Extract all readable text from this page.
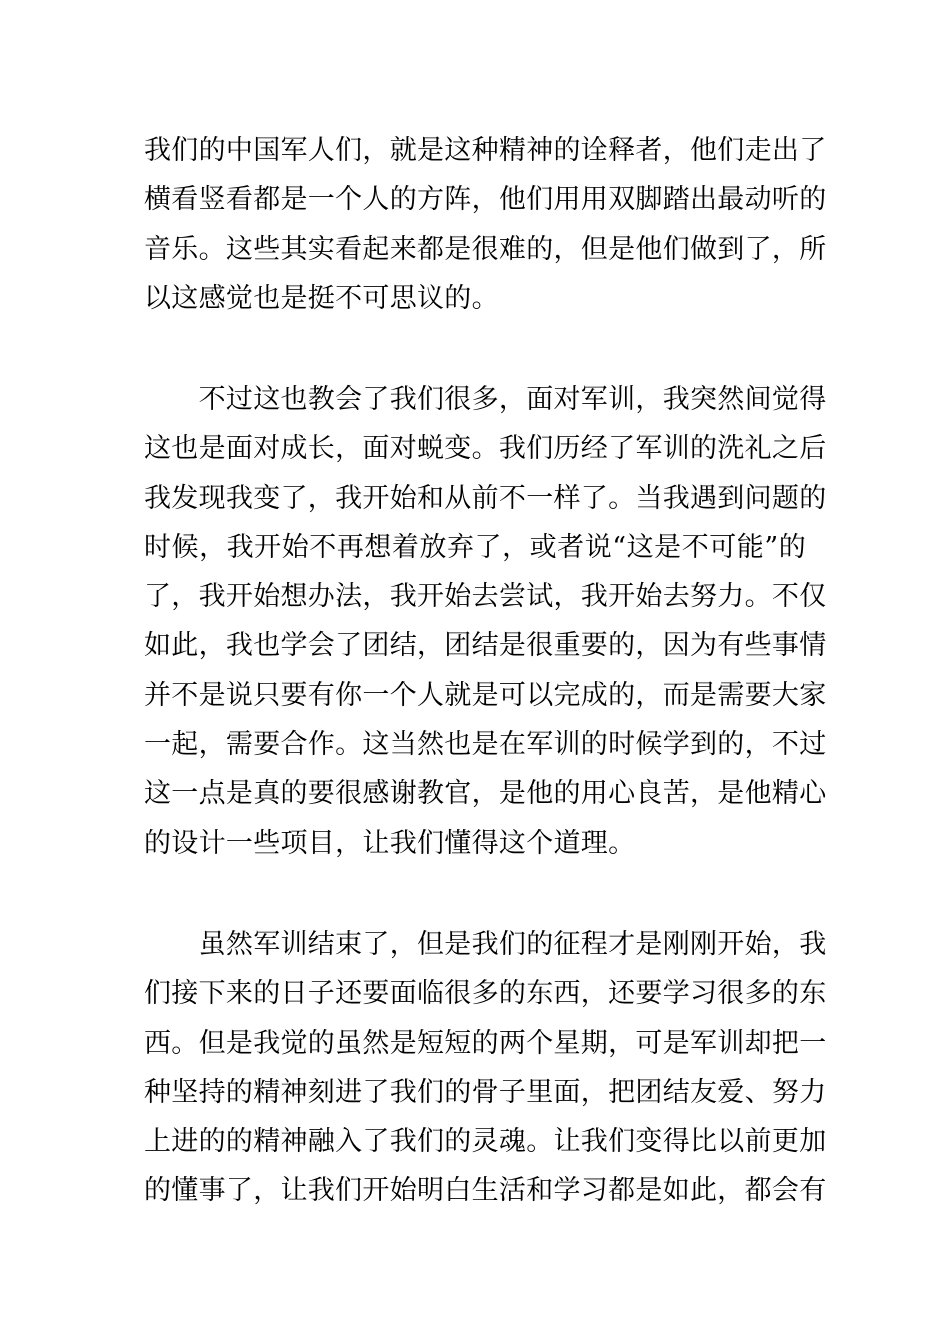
我们的中国军人们，就是这种精神的诠释者，他们走出了
横看竖看都是一个人的方阵，他们用用双脚踏出最动听的
音乐。这些其实看起来都是很难的，但是他们做到了，所
以这感觉也是挺不可思议的。
　　不过这也教会了我们很多，面对军训，我突然间觉得
这也是面对成长，面对蜕变。我们历经了军训的洗礼之后
我发现我变了，我开始和从前不一样了。当我遇到问题的
时候，我开始不再想着放弃了，或者说“这是不可能”的
了，我开始想办法，我开始去尝试，我开始去努力。不仅
如此，我也学会了团结，团结是很重要的，因为有些事情
并不是说只要有你一个人就是可以完成的，而是需要大家
一起，需要合作。这当然也是在军训的时候学到的，不过
这一点是真的要很感谢教官，是他的用心良苦，是他精心
的设计一些项目，让我们懂得这个道理。
　　虽然军训结束了，但是我们的征程才是刚刚开始，我
们接下来的日子还要面临很多的东西，还要学习很多的东
西。但是我觉的虽然是短短的两个星期，可是军训却把一
种坚持的精神刻进了我们的骨子里面，把团结友爱、努力
上进的的精神融入了我们的灵魂。让我们变得比以前更加
的懂事了，让我们开始明白生活和学习都是如此，都会有
